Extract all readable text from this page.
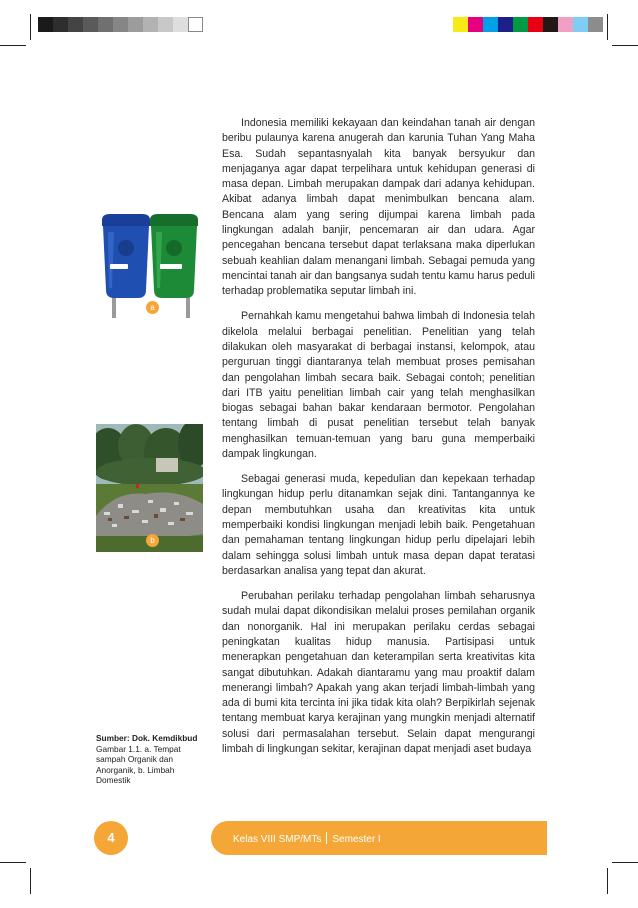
a
b
Sumber: Dok. Kemdikbud
Gambar 1.1. a. Tempat sampah Organik dan Anorganik, b. Limbah Domestik

Indonesia memiliki kekayaan dan keindahan tanah air dengan beribu pulaunya karena anugerah dan karunia Tuhan Yang Maha Esa. Sudah sepantasnyalah kita banyak bersyukur dan menjaganya agar dapat terpelihara untuk kehidupan generasi di masa depan. Limbah merupakan dampak dari adanya kehidupan. Akibat adanya limbah dapat menimbulkan bencana alam. Bencana alam yang sering dijumpai karena limbah pada lingkungan adalah banjir, pencemaran air dan udara. Agar pencegahan bencana tersebut dapat terlaksana maka diperlukan sebuah keahlian dalam menangani limbah. Sebagai pemuda yang mencintai tanah air dan bangsanya sudah tentu kamu harus peduli terhadap problematika seputar limbah ini.

Pernahkah kamu mengetahui bahwa limbah di Indonesia telah dikelola melalui berbagai penelitian. Penelitian yang telah dilakukan oleh masyarakat di berbagai instansi, kelompok, atau perguruan tinggi diantaranya telah membuat proses pemisahan dan pengolahan limbah secara baik. Sebagai contoh; penelitian dari ITB yaitu penelitian limbah cair yang telah menghasilkan biogas sebagai bahan bakar kendaraan bermotor. Pengolahan tentang limbah di pusat penelitian tersebut telah banyak menghasilkan temuan-temuan yang baru guna memperbaiki dampak lingkungan.

Sebagai generasi muda, kepedulian dan kepekaan terhadap lingkungan hidup perlu ditanamkan sejak dini. Tantangannya ke depan membutuhkan usaha dan kreativitas kita untuk memperbaiki kondisi lingkungan menjadi lebih baik. Pengetahuan dan pemahaman tentang lingkungan hidup perlu dipelajari lebih dalam sehingga solusi limbah untuk masa depan dapat teratasi berdasarkan analisa yang tepat dan akurat.

Perubahan perilaku terhadap pengolahan limbah seharusnya sudah mulai dapat dikondisikan melalui proses pemilahan organik dan nonorganik. Hal ini merupakan perilaku cerdas sebagai peningkatan kualitas hidup manusia. Partisipasi untuk menerapkan pengetahuan dan keterampilan serta kreativitas kita sangat dibutuhkan. Adakah diantaramu yang mau proaktif dalam menerangi limbah? Apakah yang akan terjadi limbah-limbah yang ada di bumi kita tercinta ini jika tidak kita olah? Berpikirlah sejenak tentang membuat karya kerajinan yang mungkin menjadi alternatif solusi dari permasalahan tersebut. Selain dapat mengurangi limbah di lingkungan sekitar, kerajinan dapat menjadi aset budaya

4	Kelas VIII SMP/MTs Semester I
